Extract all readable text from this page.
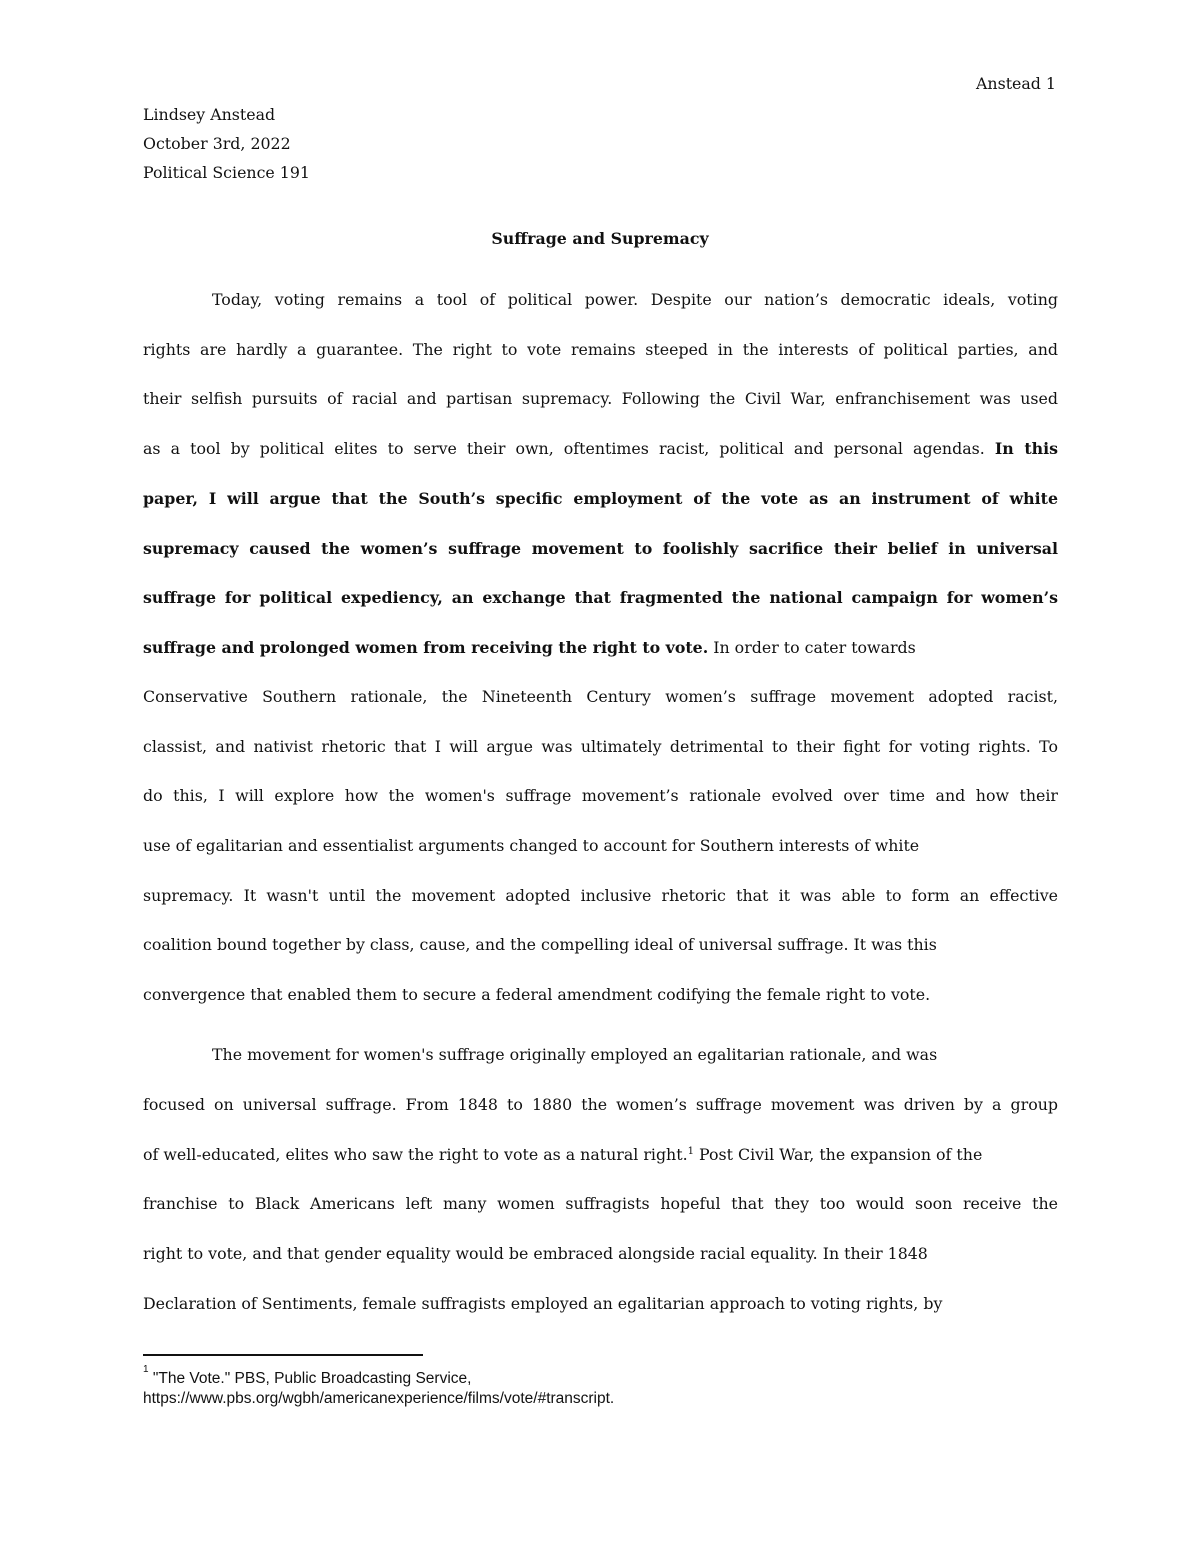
Anstead 1
Lindsey Anstead
October 3rd, 2022
Political Science 191
Suffrage and Supremacy
Today, voting remains a tool of political power. Despite our nation’s democratic ideals, voting
rights are hardly a guarantee. The right to vote remains steeped in the interests of political parties, and
their selfish pursuits of racial and partisan supremacy. Following the Civil War, enfranchisement was used
as a tool by political elites to serve their own, oftentimes racist, political and personal agendas. In this
paper, I will argue that the South’s specific employment of the vote as an instrument of white
supremacy caused the women’s suffrage movement to foolishly sacrifice their belief in universal
suffrage for political expediency, an exchange that fragmented the national campaign for women’s
suffrage and prolonged women from receiving the right to vote. In order to cater towards
Conservative Southern rationale, the Nineteenth Century women’s suffrage movement adopted racist,
classist, and nativist rhetoric that I will argue was ultimately detrimental to their fight for voting rights. To
do this, I will explore how the women's suffrage movement’s rationale evolved over time and how their
use of egalitarian and essentialist arguments changed to account for Southern interests of white
supremacy. It wasn't until the movement adopted inclusive rhetoric that it was able to form an effective
coalition bound together by class, cause, and the compelling ideal of universal suffrage. It was this
convergence that enabled them to secure a federal amendment codifying the female right to vote.
The movement for women's suffrage originally employed an egalitarian rationale, and was
focused on universal suffrage. From 1848 to 1880 the women’s suffrage movement was driven by a group
of well-educated, elites who saw the right to vote as a natural right.$^1$ Post Civil War, the expansion of the
franchise to Black Americans left many women suffragists hopeful that they too would soon receive the
right to vote, and that gender equality would be embraced alongside racial equality. In their 1848
Declaration of Sentiments, female suffragists employed an egalitarian approach to voting rights, by
$^1$ "The Vote." PBS, Public Broadcasting Service,
https://www.pbs.org/wgbh/americanexperience/films/vote/#transcript.
